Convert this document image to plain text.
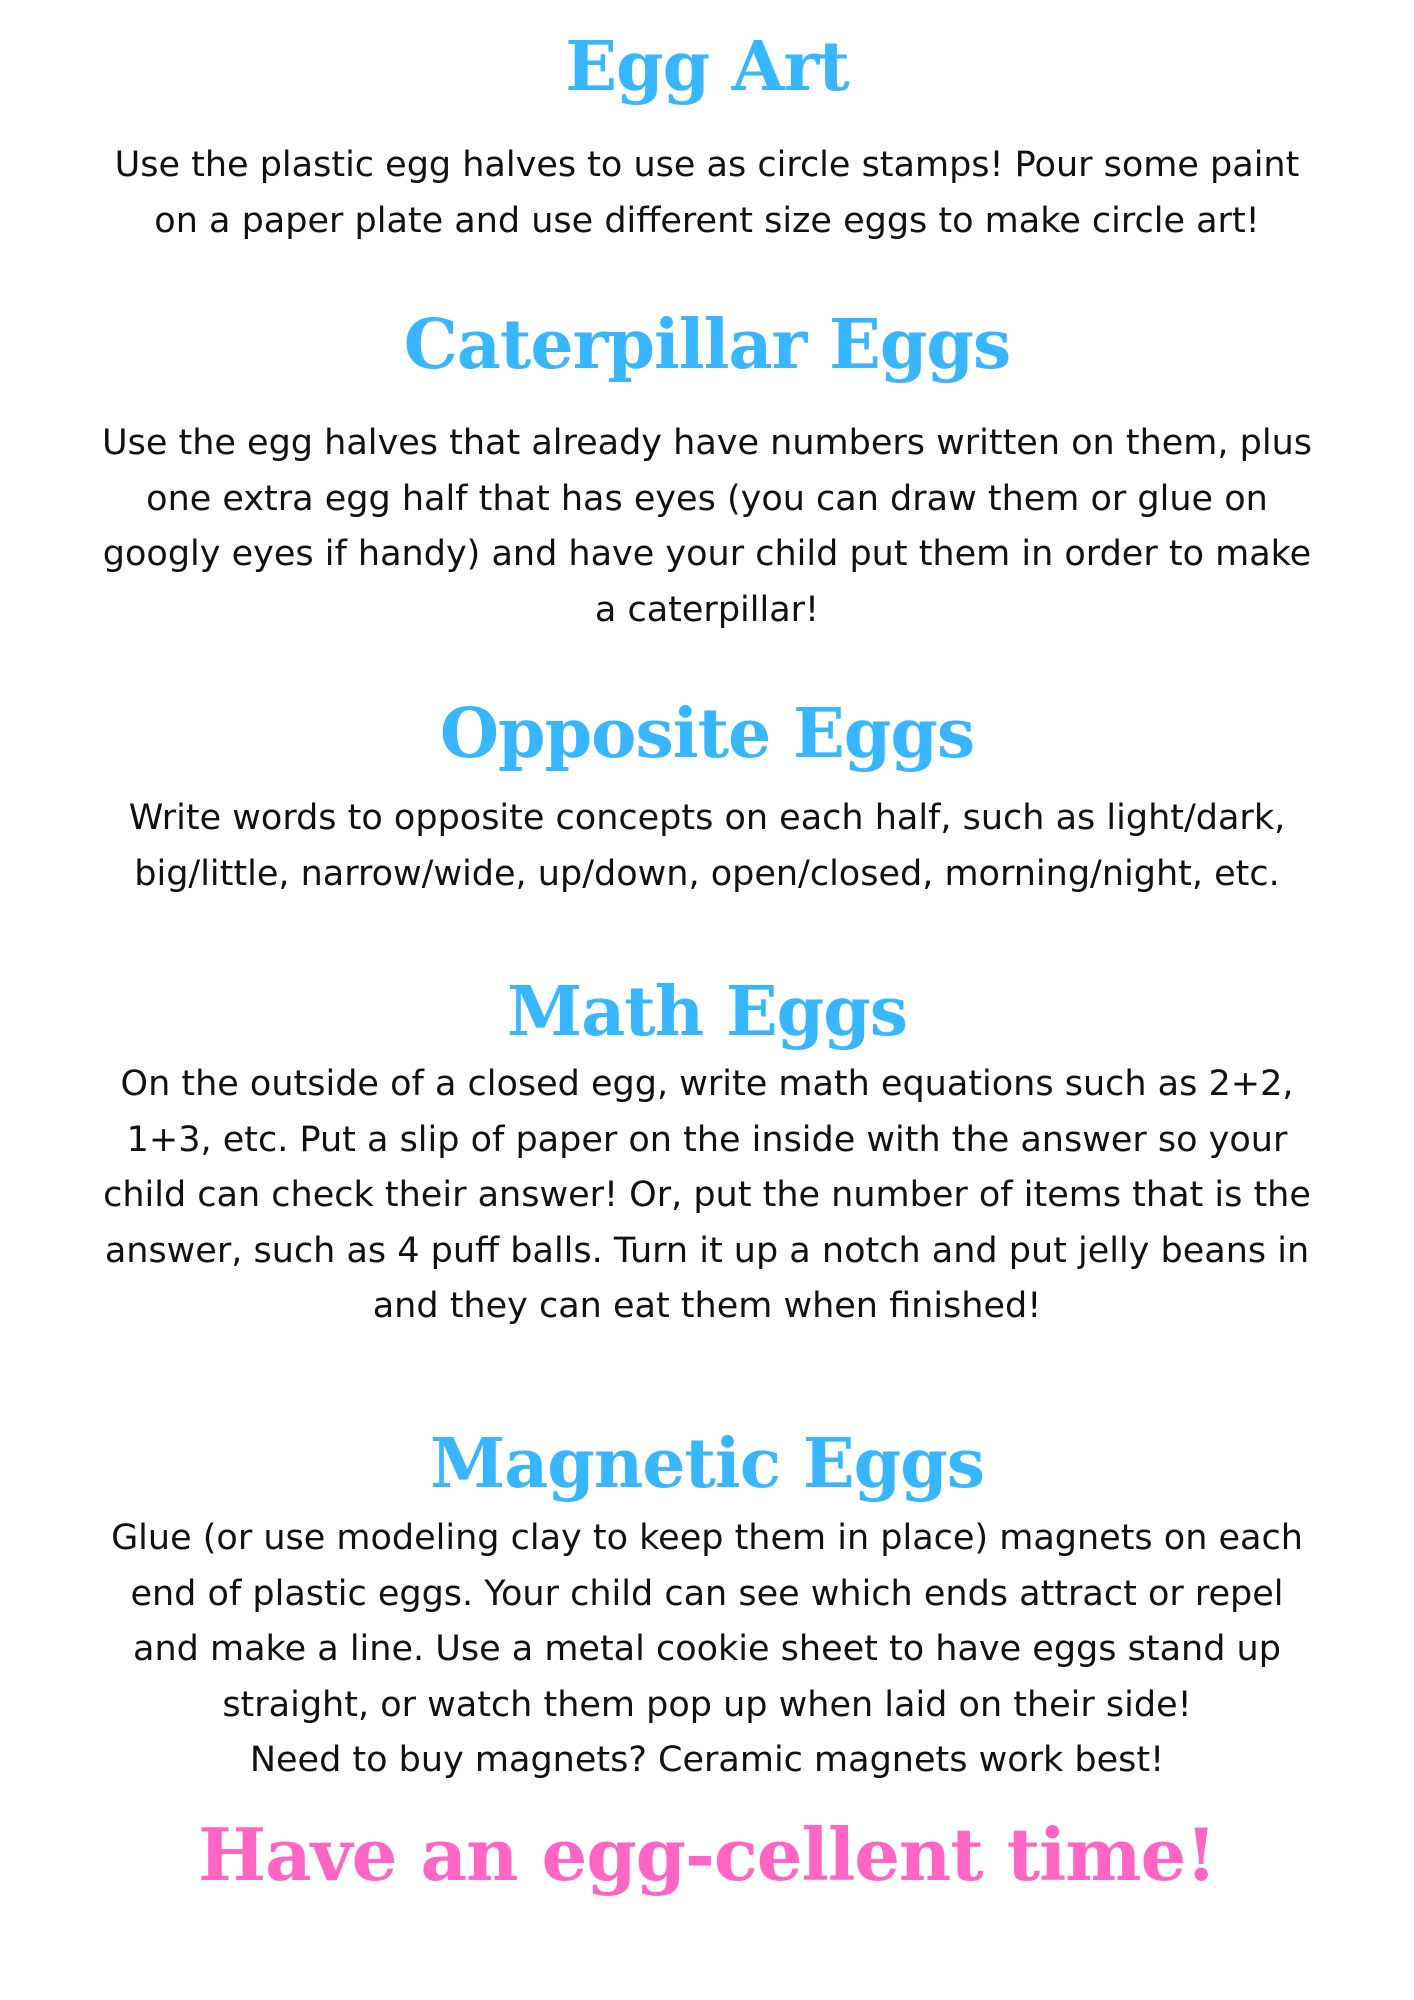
Egg Art

Use the plastic egg halves to use as circle stamps! Pour some paint
on a paper plate and use different size eggs to make circle art!

Caterpillar Eggs

Use the egg halves that already have numbers written on them, plus
one extra egg half that has eyes (you can draw them or glue on
googly eyes if handy) and have your child put them in order to make
a caterpillar!

Opposite Eggs

Write words to opposite concepts on each half, such as light/dark,
big/little, narrow/wide, up/down, open/closed, morning/night, etc.

Math Eggs

On the outside of a closed egg, write math equations such as 2+2,
1+3, etc. Put a slip of paper on the inside with the answer so your
child can check their answer! Or, put the number of items that is the
answer, such as 4 puff balls. Turn it up a notch and put jelly beans in
and they can eat them when finished!

Magnetic Eggs

Glue (or use modeling clay to keep them in place) magnets on each
end of plastic eggs. Your child can see which ends attract or repel
and make a line. Use a metal cookie sheet to have eggs stand up
straight, or watch them pop up when laid on their side!
Need to buy magnets? Ceramic magnets work best!

Have an egg-cellent time!
